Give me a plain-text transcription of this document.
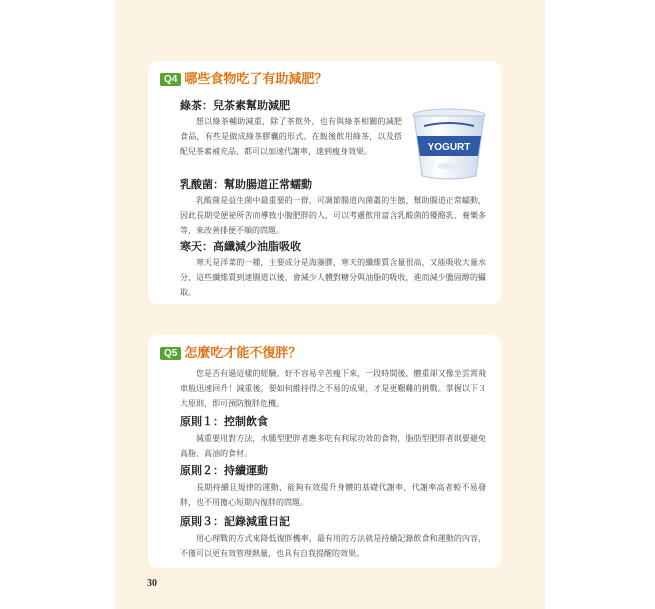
Q4 哪些食物吃了有助減肥？
綠茶：兒茶素幫助減肥
想以綠茶輔助減重，除了茶飲外，也有與綠茶相關的減肥食品，有些是做成綠茶膠囊的形式。在飯後飲用綠茶，以及搭配兒茶素補充品，都可以加速代謝率，達到瘦身效果。	YOGURT
乳酸菌：幫助腸道正常蠕動
乳酸菌是益生菌中最重要的一群，可調節腸道內菌叢的生態，幫助腸道正常蠕動，因此長期受便祕所苦而導致小腹肥胖的人，可以考慮飲用富含乳酸菌的優酪乳、養樂多等，來改善排便不順的問題。
寒天：高纖減少油脂吸收
寒天是洋菜的一種，主要成分是海藻膠，寒天的纖維質含量很高，又能吸收大量水分，這些纖維質到達腸道以後，會減少人體對糖分與油脂的吸收，進而減少膽固醇的攝取。
Q5 怎麼吃才能不復胖？
您是否有過這樣的經驗，好不容易辛苦瘦下來，一段時間後，體重卻又像坐雲霄飛車般迅速回升！減重後，要如何維持得之不易的成果，才是更艱難的挑戰。掌握以下３大原則，即可預防腹胖危機。
原則１：控制飲食
減重要用對方法，水腫型肥胖者應多吃有利尿功效的食物，脂肪型肥胖者則要避免高脂、高油的食材。
原則２：持續運動
長期持續且規律的運動，能夠有效提升身體的基礎代謝率，代謝率高者較不易發胖，也不用擔心短期內復胖的問題。
原則３：記錄減重日記
用心理戰的方式來降低復胖機率，最有用的方法就是持續記錄飲食和運動的內容，不僅可以更有效管理熱量，也具有自我提醒的效果。
30
